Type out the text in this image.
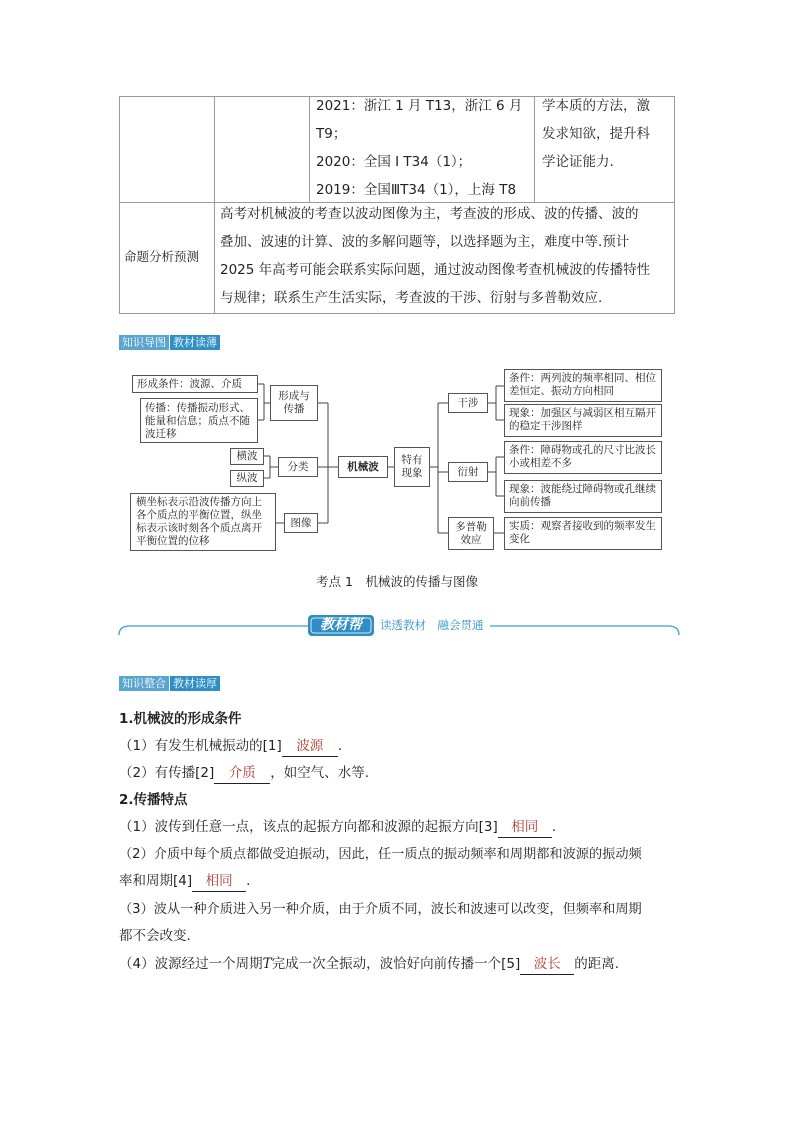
2021：浙江 1 月 T13，浙江 6 月
T9；
2020：全国 I T34（1）；
2019：全国ⅢT34（1），上海 T8
学本质的方法，激
发求知欲，提升科
学论证能力.
命题分析预测
高考对机械波的考查以波动图像为主，考查波的形成、波的传播、波的
叠加、波速的计算、波的多解问题等，以选择题为主，难度中等.预计
2025 年高考可能会联系实际问题，通过波动图像考查机械波的传播特性
与规律；联系生产生活实际，考查波的干涉、衍射与多普勒效应.
知识导图 教材读薄
形成条件：波源、介质
传播：传播振动形式、能量和信息；质点不随波迁移
形成与传播
横波
纵波
分类
横坐标表示沿波传播方向上各个质点的平衡位置，纵坐标表示该时刻各个质点离开平衡位置的位移
图像
机械波
特有现象
干涉
衍射
多普勒效应
条件：两列波的频率相同、相位差恒定、振动方向相同
现象：加强区与减弱区相互隔开的稳定干涉图样
条件：障碍物或孔的尺寸比波长小或相差不多
现象：波能绕过障碍物或孔继续向前传播
实质：观察者接收到的频率发生变化
考点 1　机械波的传播与图像
教材帮	读透教材　融会贯通
知识整合 教材读厚
1.机械波的形成条件
（1）有发生机械振动的[1] 波源 .
（2）有传播[2] 介质 ，如空气、水等.
2.传播特点
（1）波传到任意一点，该点的起振方向都和波源的起振方向[3] 相同 .
（2）介质中每个质点都做受迫振动，因此，任一质点的振动频率和周期都和波源的振动频
率和周期[4] 相同 .
（3）波从一种介质进入另一种介质，由于介质不同，波长和波速可以改变，但频率和周期
都不会改变.
（4）波源经过一个周期T完成一次全振动，波恰好向前传播一个[5] 波长 的距离.
